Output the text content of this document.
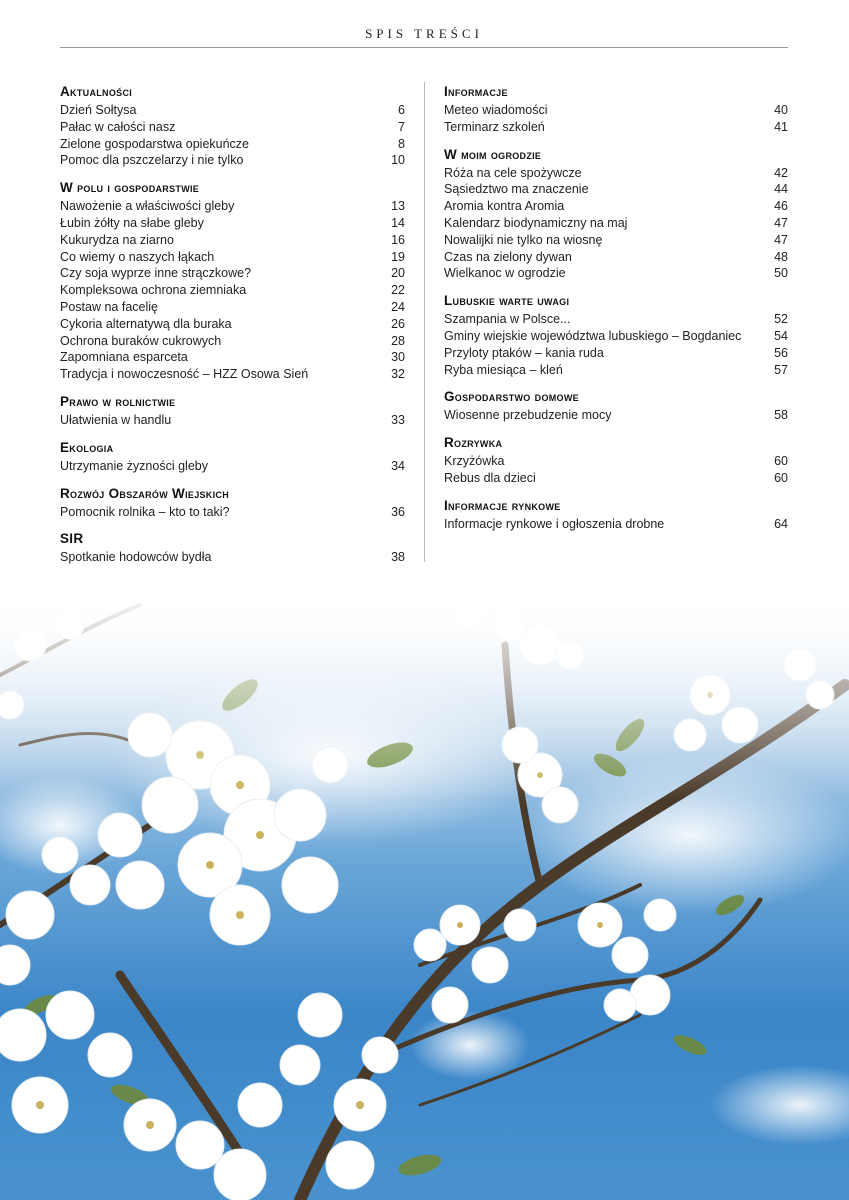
SPIS TREŚCI
Aktualności
Dzień Sołtysa	6
Pałac w całości nasz	7
Zielone gospodarstwa opiekuńcze	8
Pomoc dla pszczelarzy i nie tylko	10
W polu i gospodarstwie
Nawożenie a właściwości gleby	13
Łubin żółty na słabe gleby	14
Kukurydza na ziarno	16
Co wiemy o naszych łąkach	19
Czy soja wyprze inne strączkowe?	20
Kompleksowa ochrona ziemniaka	22
Postaw na facelię	24
Cykoria alternatywą dla buraka	26
Ochrona buraków cukrowych	28
Zapomniana esparceta	30
Tradycja i nowoczesność – HZZ Osowa Sień	32
Prawo w rolnictwie
Ułatwienia w handlu	33
Ekologia
Utrzymanie żyzności gleby	34
Rozwój Obszarów Wiejskich
Pomocnik rolnika – kto to taki?	36
SIR
Spotkanie hodowców bydła	38
Informacje
Meteo wiadomości	40
Terminarz szkoleń	41
W moim ogrodzie
Róża na cele spożywcze	42
Sąsiedztwo ma znaczenie	44
Aromia kontra Aromia	46
Kalendarz biodynamiczny na maj	47
Nowalijki nie tylko na wiosnę	47
Czas na zielony dywan	48
Wielkanoc w ogrodzie	50
Lubuskie warte uwagi
Szampania w Polsce...	52
Gminy wiejskie województwa lubuskiego – Bogdaniec	54
Przyloty ptaków – kania ruda	56
Ryba miesiąca – kleń	57
Gospodarstwo domowe
Wiosenne przebudzenie mocy	58
Rozrywka
Krzyżówka	60
Rebus dla dzieci	60
Informacje rynkowe
Informacje rynkowe i ogłoszenia drobne	64
